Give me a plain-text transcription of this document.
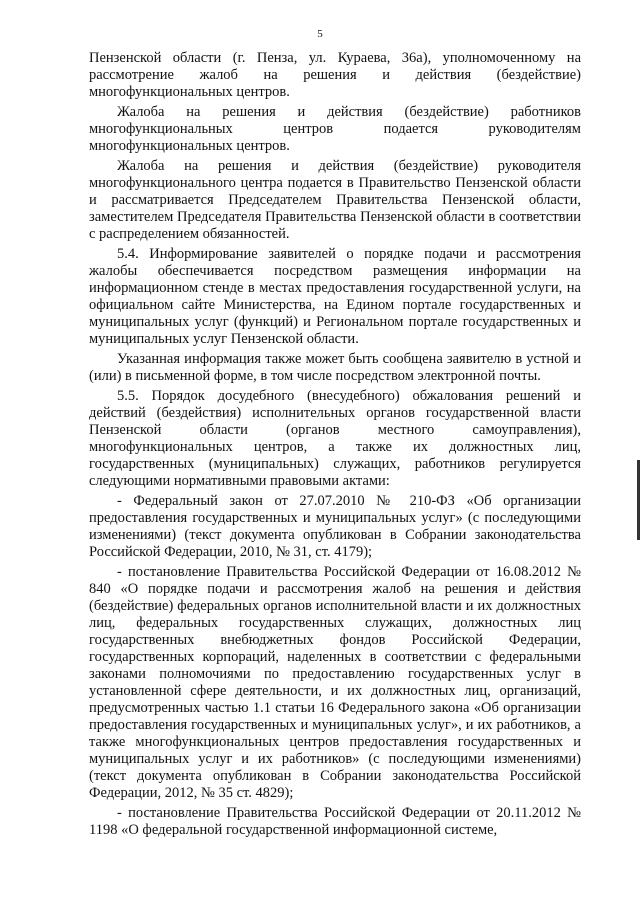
5

Пензенской области (г. Пенза, ул. Кураева, 36а), уполномоченному на рассмотрение жалоб на решения и действия (бездействие) многофункциональных центров.

Жалоба на решения и действия (бездействие) работников многофункциональных центров подается руководителям многофункциональных центров.

Жалоба на решения и действия (бездействие) руководителя многофункционального центра подается в Правительство Пензенской области и рассматривается Председателем Правительства Пензенской области, заместителем Председателя Правительства Пензенской области в соответствии с распределением обязанностей.

5.4. Информирование заявителей о порядке подачи и рассмотрения жалобы обеспечивается посредством размещения информации на информационном стенде в местах предоставления государственной услуги, на официальном сайте Министерства, на Едином портале государственных и муниципальных услуг (функций) и Региональном портале государственных и муниципальных услуг Пензенской области.

Указанная информация также может быть сообщена заявителю в устной и (или) в письменной форме, в том числе посредством электронной почты.

5.5. Порядок досудебного (внесудебного) обжалования решений и действий (бездействия) исполнительных органов государственной власти Пензенской области (органов местного самоуправления), многофункциональных центров, а также их должностных лиц, государственных (муниципальных) служащих, работников регулируется следующими нормативными правовыми актами:

- Федеральный закон от 27.07.2010 № 210-ФЗ «Об организации предоставления государственных и муниципальных услуг» (с последующими изменениями) (текст документа опубликован в Собрании законодательства Российской Федерации, 2010, № 31, ст. 4179);

- постановление Правительства Российской Федерации от 16.08.2012 № 840 «О порядке подачи и рассмотрения жалоб на решения и действия (бездействие) федеральных органов исполнительной власти и их должностных лиц, федеральных государственных служащих, должностных лиц государственных внебюджетных фондов Российской Федерации, государственных корпораций, наделенных в соответствии с федеральными законами полномочиями по предоставлению государственных услуг в установленной сфере деятельности, и их должностных лиц, организаций, предусмотренных частью 1.1 статьи 16 Федерального закона «Об организации предоставления государственных и муниципальных услуг», и их работников, а также многофункциональных центров предоставления государственных и муниципальных услуг и их работников» (с последующими изменениями) (текст документа опубликован в Собрании законодательства Российской Федерации, 2012, № 35 ст. 4829);

- постановление Правительства Российской Федерации от 20.11.2012 № 1198 «О федеральной государственной информационной системе,
